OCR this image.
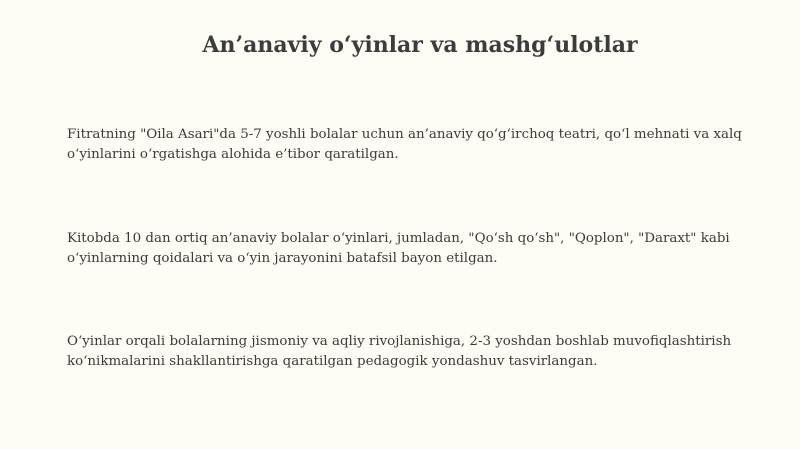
An’anaviy o‘yinlar va mashg‘ulotlar
Fitratning "Oila Asari"da 5-7 yoshli bolalar uchun an’anaviy qo‘g‘irchoq teatri, qo‘l mehnati va xalq o‘yinlarini o‘rgatishga alohida e’tibor qaratilgan.
Kitobda 10 dan ortiq an’anaviy bolalar o‘yinlari, jumladan, "Qo‘sh qo‘sh", "Qoplon", "Daraxt" kabi o‘yinlarning qoidalari va o‘yin jarayonini batafsil bayon etilgan.
O‘yinlar orqali bolalarning jismoniy va aqliy rivojlanishiga, 2-3 yoshdan boshlab muvofiqlashtirish ko‘nikmalarini shakllantirishga qaratilgan pedagogik yondashuv tasvirlangan.
